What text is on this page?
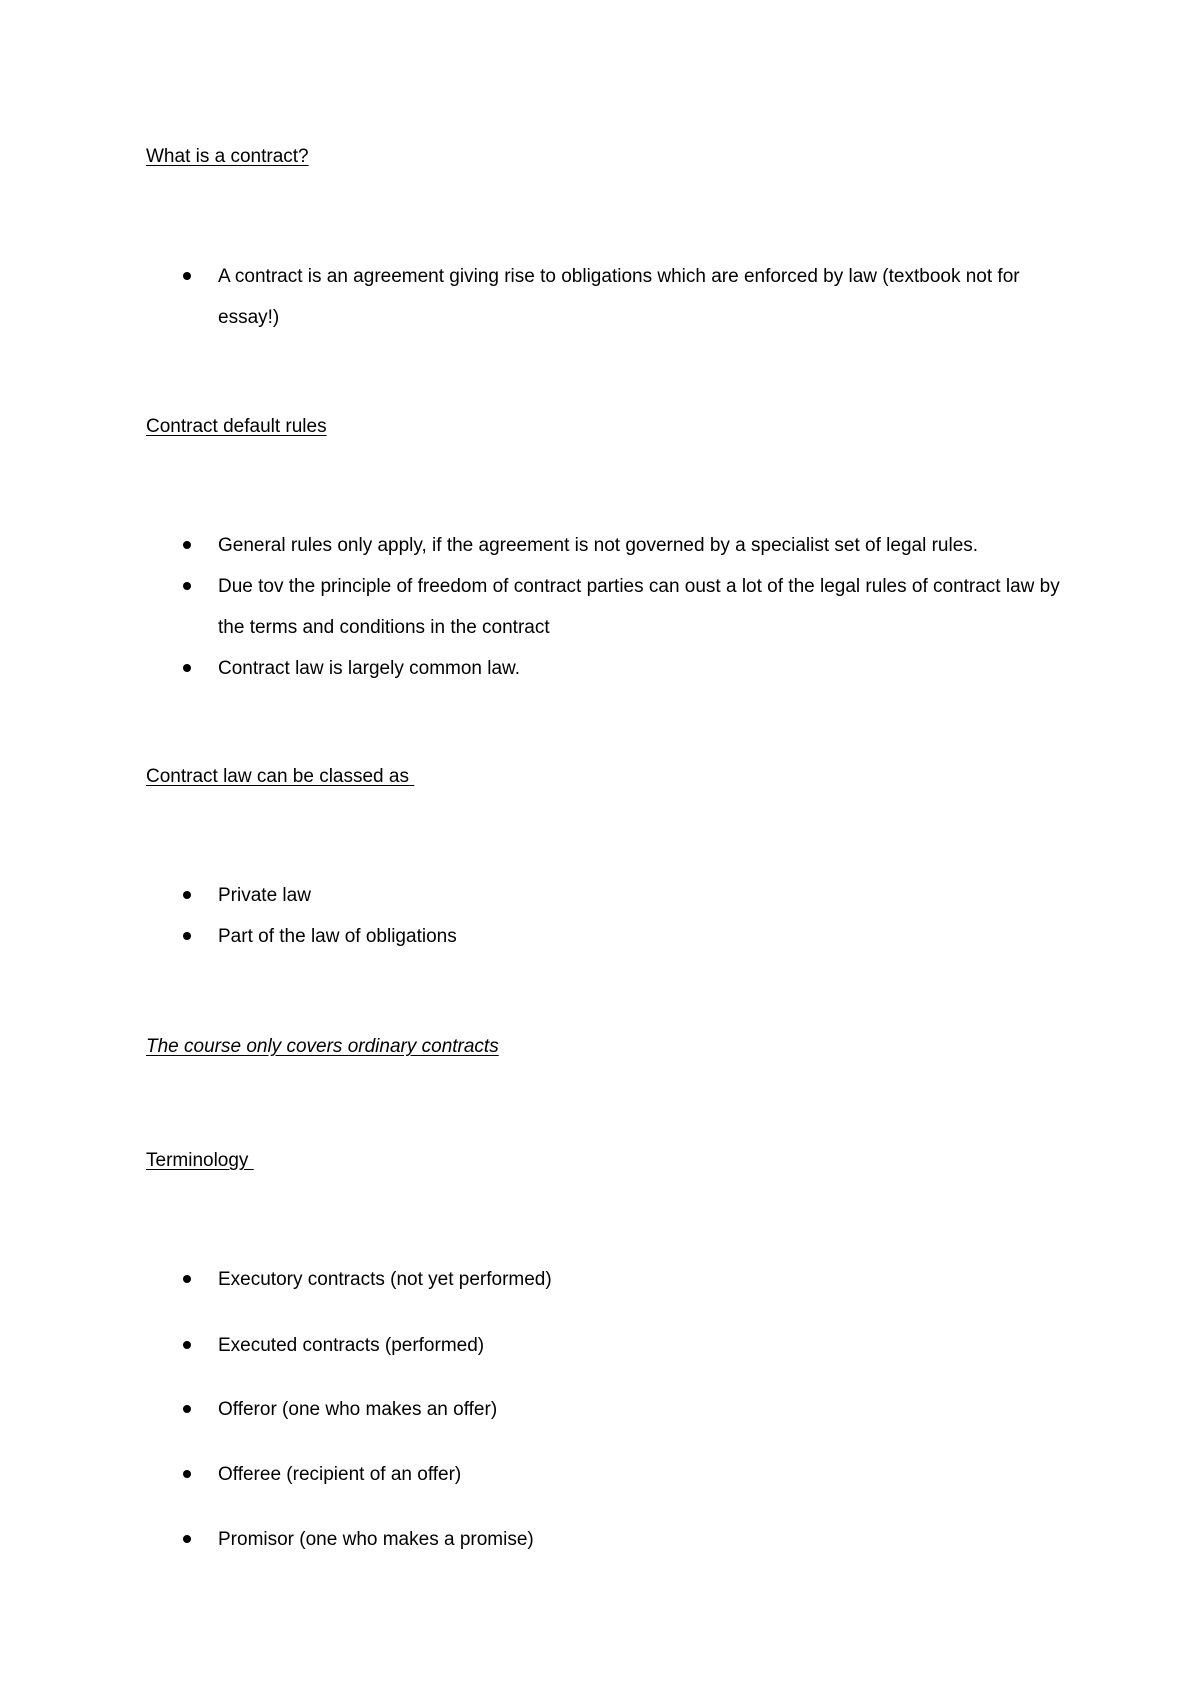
What is a contract?
A contract is an agreement giving rise to obligations which are enforced by law (textbook not for essay!)
Contract default rules
General rules only apply, if the agreement is not governed by a specialist set of legal rules.
Due tov the principle of freedom of contract parties can oust a lot of the legal rules of contract law by the terms and conditions in the contract
Contract law is largely common law.
Contract law can be classed as
Private law
Part of the law of obligations
The course only covers ordinary contracts
Terminology
Executory contracts (not yet performed)
Executed contracts (performed)
Offeror (one who makes an offer)
Offeree (recipient of an offer)
Promisor (one who makes a promise)
